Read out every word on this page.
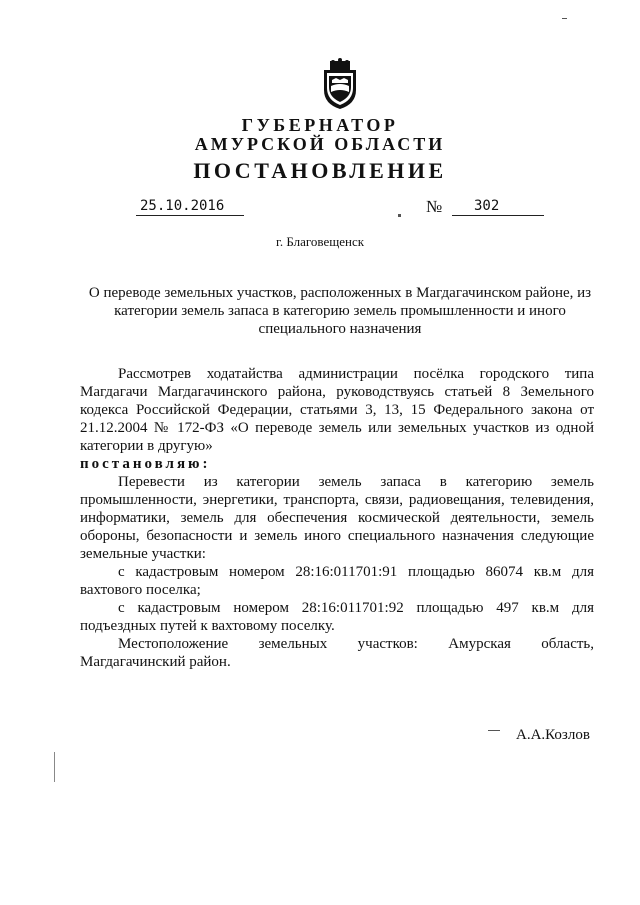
ГУБЕРНАТОР
АМУРСКОЙ ОБЛАСТИ
ПОСТАНОВЛЕНИЕ
25.10.2016	№	302
г. Благовещенск
О переводе земельных участков, расположенных в Магдагачинском районе, из категории земель запаса в категорию земель промышленности и иного специального назначения

Рассмотрев ходатайства администрации посёлка городского типа Магдагачи Магдагачинского района, руководствуясь статьей 8 Земельного кодекса Российской Федерации, статьями 3, 13, 15 Федерального закона от 21.12.2004 № 172-ФЗ «О переводе земель или земельных участков из одной категории в другую»

постановляю:

Перевести из категории земель запаса в категорию земель промышленности, энергетики, транспорта, связи, радиовещания, телевидения, информатики, земель для обеспечения космической деятельности, земель обороны, безопасности и земель иного специального назначения следующие земельные участки:

с кадастровым номером 28:16:011701:91 площадью 86074 кв.м для вахтового поселка;

с кадастровым номером 28:16:011701:92 площадью 497 кв.м для подъездных путей к вахтовому поселку.

Местоположение земельных участков: Амурская область, Магдагачинский район.

А.А.Козлов
